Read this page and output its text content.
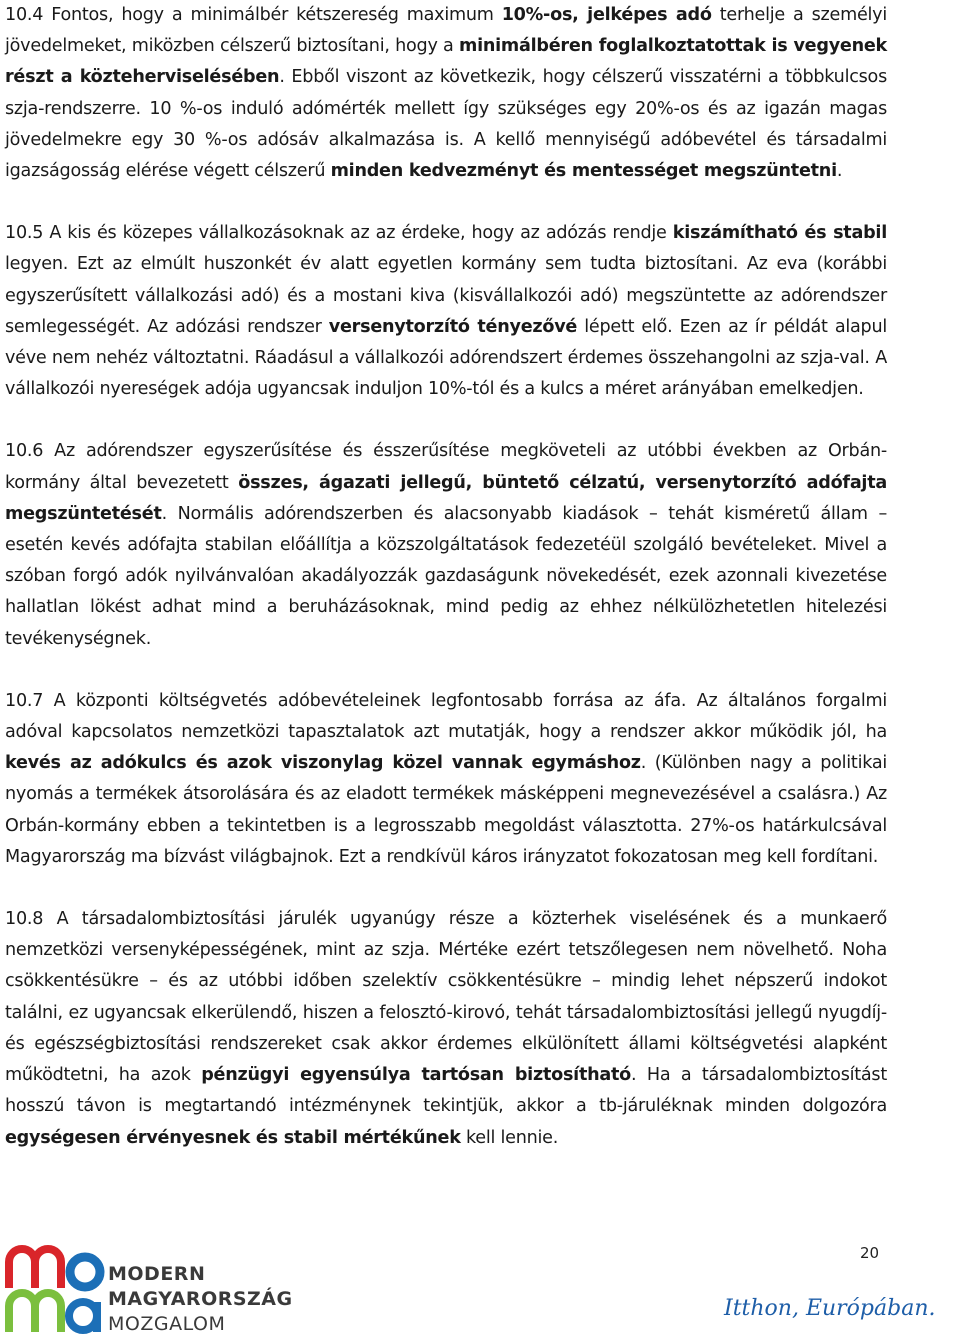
10.4 Fontos, hogy a minimálbér kétszereség maximum 10%-os, jelképes adó terhelje a személyi jövedelmeket, miközben célszerű biztosítani, hogy a minimálbéren foglalkoztatottak is vegyenek részt a közteherviselésében. Ebből viszont az következik, hogy célszerű visszatérni a többkulcsos szja-rendszerre. 10 %-os induló adómérték mellett így szükséges egy 20%-os és az igazán magas jövedelmekre egy 30 %-os adósáv alkalmazása is. A kellő mennyiségű adóbevétel és társadalmi igazságosság elérése végett célszerű minden kedvezményt és mentességet megszüntetni.

10.5 A kis és közepes vállalkozásoknak az az érdeke, hogy az adózás rendje kiszámítható és stabil legyen. Ezt az elmúlt huszonkét év alatt egyetlen kormány sem tudta biztosítani. Az eva (korábbi egyszerűsített vállalkozási adó) és a mostani kiva (kisvállalkozói adó) megszüntette az adórendszer semlegességét. Az adózási rendszer versenytorzító tényezővé lépett elő. Ezen az ír példát alapul véve nem nehéz változtatni. Ráadásul a vállalkozói adórendszert érdemes összehangolni az szja-val. A vállalkozói nyereségek adója ugyancsak induljon 10%-tól és a kulcs a méret arányában emelkedjen.

10.6 Az adórendszer egyszerűsítése és ésszerűsítése megköveteli az utóbbi években az Orbán-kormány által bevezetett összes, ágazati jellegű, büntető célzatú, versenytorzító adófajta megszüntetését. Normális adórendszerben és alacsonyabb kiadások – tehát kisméretű állam – esetén kevés adófajta stabilan előállítja a közszolgáltatások fedezetéül szolgáló bevételeket. Mivel a szóban forgó adók nyilvánvalóan akadályozzák gazdaságunk növekedését, ezek azonnali kivezetése hallatlan lökést adhat mind a beruházásoknak, mind pedig az ehhez nélkülözhetetlen hitelezési tevékenységnek.

10.7 A központi költségvetés adóbevételeinek legfontosabb forrása az áfa. Az általános forgalmi adóval kapcsolatos nemzetközi tapasztalatok azt mutatják, hogy a rendszer akkor működik jól, ha kevés az adókulcs és azok viszonylag közel vannak egymáshoz. (Különben nagy a politikai nyomás a termékek átsorolására és az eladott termékek másképpeni megnevezésével a csalásra.) Az Orbán-kormány ebben a tekintetben is a legrosszabb megoldást választotta. 27%-os határkulcsával Magyarország ma bízvást világbajnok. Ezt a rendkívül káros irányzatot fokozatosan meg kell fordítani.

10.8 A társadalombiztosítási járulék ugyanúgy része a közterhek viselésének és a munkaerő nemzetközi versenyképességének, mint az szja. Mértéke ezért tetszőlegesen nem növelhető. Noha csökkentésükre – és az utóbbi időben szelektív csökkentésükre – mindig lehet népszerű indokot találni, ez ugyancsak elkerülendő, hiszen a felosztó-kirovó, tehát társadalombiztosítási jellegű nyugdíj- és egészségbiztosítási rendszereket csak akkor érdemes elkülönített állami költségvetési alapként működtetni, ha azok pénzügyi egyensúlya tartósan biztosítható. Ha a társadalombiztosítást hosszú távon is megtartandó intézménynek tekintjük, akkor a tb-járuléknak minden dolgozóra egységesen érvényesnek és stabil mértékűnek kell lennie.

MODERN
MAGYARORSZÁG
MOZGALOM
20
Itthon, Európában.
